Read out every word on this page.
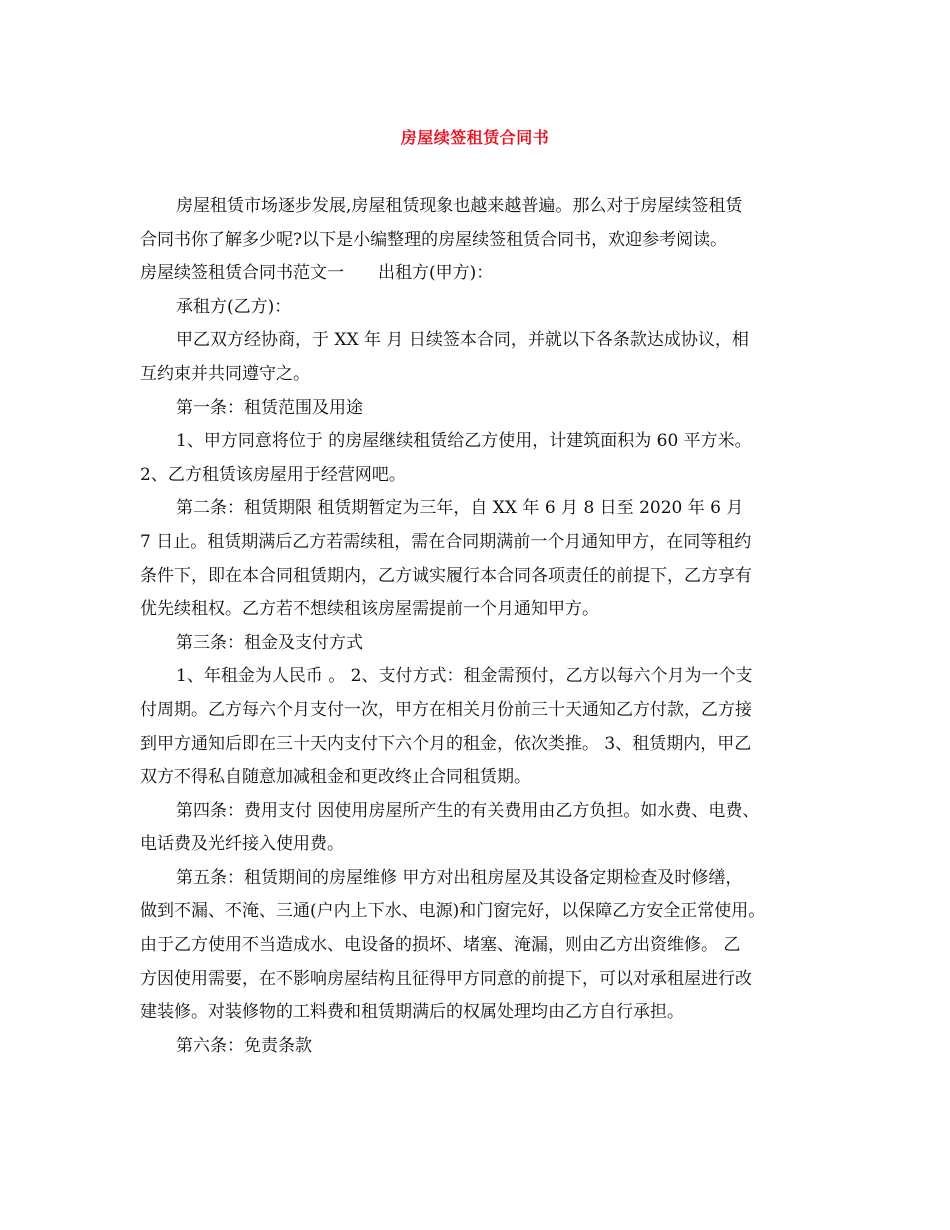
房屋续签租赁合同书
房屋租赁市场逐步发展,房屋租赁现象也越来越普遍。那么对于房屋续签租赁
合同书你了解多少呢?以下是小编整理的房屋续签租赁合同书，欢迎参考阅读。
房屋续签租赁合同书范文一　　出租方(甲方)：
承租方(乙方)：
甲乙双方经协商，于 XX 年 月 日续签本合同，并就以下各条款达成协议，相
互约束并共同遵守之。
第一条：租赁范围及用途
1、甲方同意将位于 的房屋继续租赁给乙方使用，计建筑面积为 60 平方米。
2、乙方租赁该房屋用于经营网吧。
第二条：租赁期限 租赁期暂定为三年，自 XX 年 6 月 8 日至 2020 年 6 月
7 日止。租赁期满后乙方若需续租，需在合同期满前一个月通知甲方，在同等租约
条件下，即在本合同租赁期内，乙方诚实履行本合同各项责任的前提下，乙方享有
优先续租权。乙方若不想续租该房屋需提前一个月通知甲方。
第三条：租金及支付方式
1、年租金为人民币 。 2、支付方式：租金需预付，乙方以每六个月为一个支
付周期。乙方每六个月支付一次，甲方在相关月份前三十天通知乙方付款，乙方接
到甲方通知后即在三十天内支付下六个月的租金，依次类推。 3、租赁期内，甲乙
双方不得私自随意加减租金和更改终止合同租赁期。
第四条：费用支付 因使用房屋所产生的有关费用由乙方负担。如水费、电费、
电话费及光纤接入使用费。
第五条：租赁期间的房屋维修 甲方对出租房屋及其设备定期检查及时修缮，
做到不漏、不淹、三通(户内上下水、电源)和门窗完好，以保障乙方安全正常使用。
由于乙方使用不当造成水、电设备的损坏、堵塞、淹漏，则由乙方出资维修。 乙
方因使用需要，在不影响房屋结构且征得甲方同意的前提下，可以对承租屋进行改
建装修。对装修物的工料费和租赁期满后的权属处理均由乙方自行承担。
第六条：免责条款
